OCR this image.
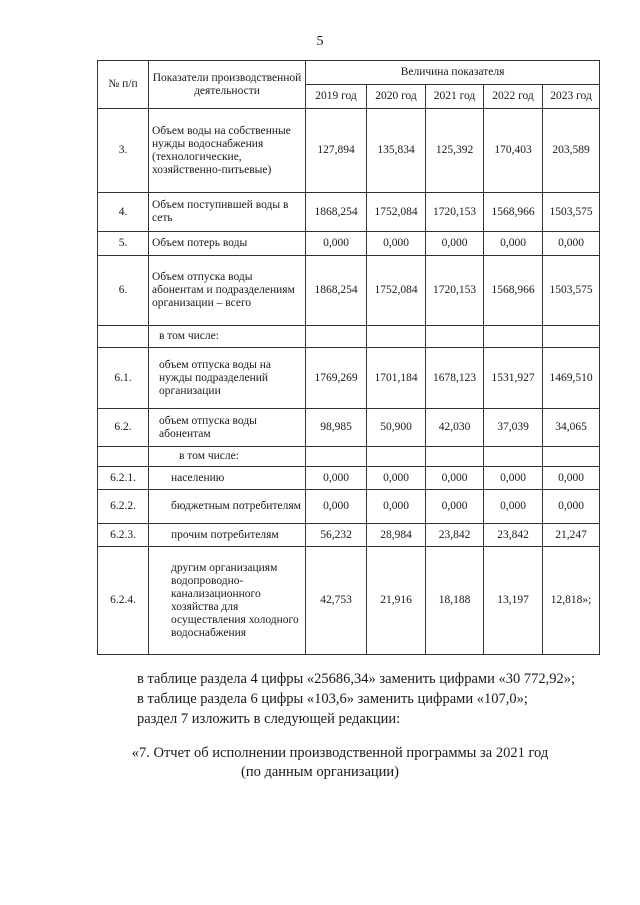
5
№ п/п	Показатели производственной деятельности	Величина показателя				
		2019 год	2020 год	2021 год	2022 год	2023 год
3.	Объем воды на собственные нужды водоснабжения (технологические, хозяйственно-питьевые)	127,894	135,834	125,392	170,403	203,589
4.	Объем поступившей воды в сеть	1868,254	1752,084	1720,153	1568,966	1503,575
5.	Объем потерь воды	0,000	0,000	0,000	0,000	0,000
6.	Объем отпуска воды абонентам и подразделениям организации – всего	1868,254	1752,084	1720,153	1568,966	1503,575
	в том числе:					
6.1.	объем отпуска воды на нужды подразделений организации	1769,269	1701,184	1678,123	1531,927	1469,510
6.2.	объем отпуска воды абонентам	98,985	50,900	42,030	37,039	34,065
	в том числе:					
6.2.1.	населению	0,000	0,000	0,000	0,000	0,000
6.2.2.	бюджетным потребителям	0,000	0,000	0,000	0,000	0,000
6.2.3.	прочим потребителям	56,232	28,984	23,842	23,842	21,247
6.2.4.	другим организациям водопроводно-канализационного хозяйства для осуществления холодного водоснабжения	42,753	21,916	18,188	13,197	12,818»;
в таблице раздела 4 цифры «25686,34» заменить цифрами «30 772,92»;
в таблице раздела 6 цифры «103,6» заменить цифрами «107,0»;
раздел 7 изложить в следующей редакции:
«7. Отчет об исполнении производственной программы за 2021 год
(по данным организации)
